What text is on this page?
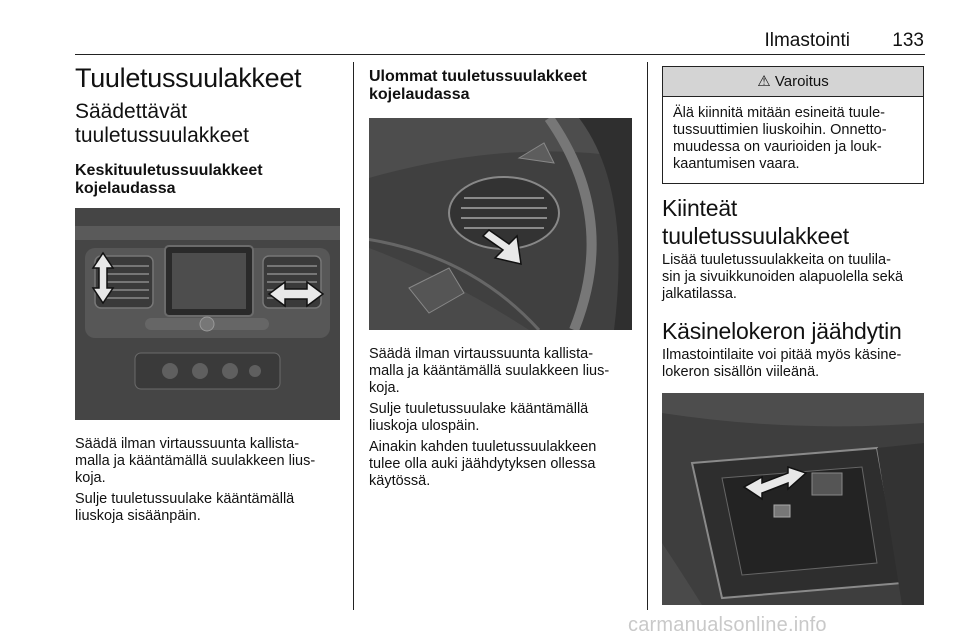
Ilmastointi	133
Tuuletussuulakkeet
Säädettävät
tuuletussuulakkeet
Keskituuletussuulakkeet
kojelaudassa

Säädä ilman virtaussuunta kallista-
malla ja kääntämällä suulakkeen lius-
koja.

Sulje tuuletussuulake kääntämällä
liuskoja sisäänpäin.

Ulommat tuuletussuulakkeet
kojelaudassa

Säädä ilman virtaussuunta kallista-
malla ja kääntämällä suulakkeen lius-
koja.

Sulje tuuletussuulake kääntämällä
liuskoja ulospäin.

Ainakin kahden tuuletussuulakkeen
tulee olla auki jäähdytyksen ollessa
käytössä.

⚠ Varoitus
Älä kiinnitä mitään esineitä tuule-
tussuuttimien liuskoihin. Onnetto-
muudessa on vaurioiden ja louk-
kaantumisen vaara.
Kiinteät tuuletussuulakkeet

Lisää tuuletussuulakkeita on tuulila-
sin ja sivuikkunoiden alapuolella sekä
jalkatilassa.

Käsinelokeron jäähdytin

Ilmastointilaite voi pitää myös käsine-
lokeron sisällön viileänä.

carmanualsonline.info
